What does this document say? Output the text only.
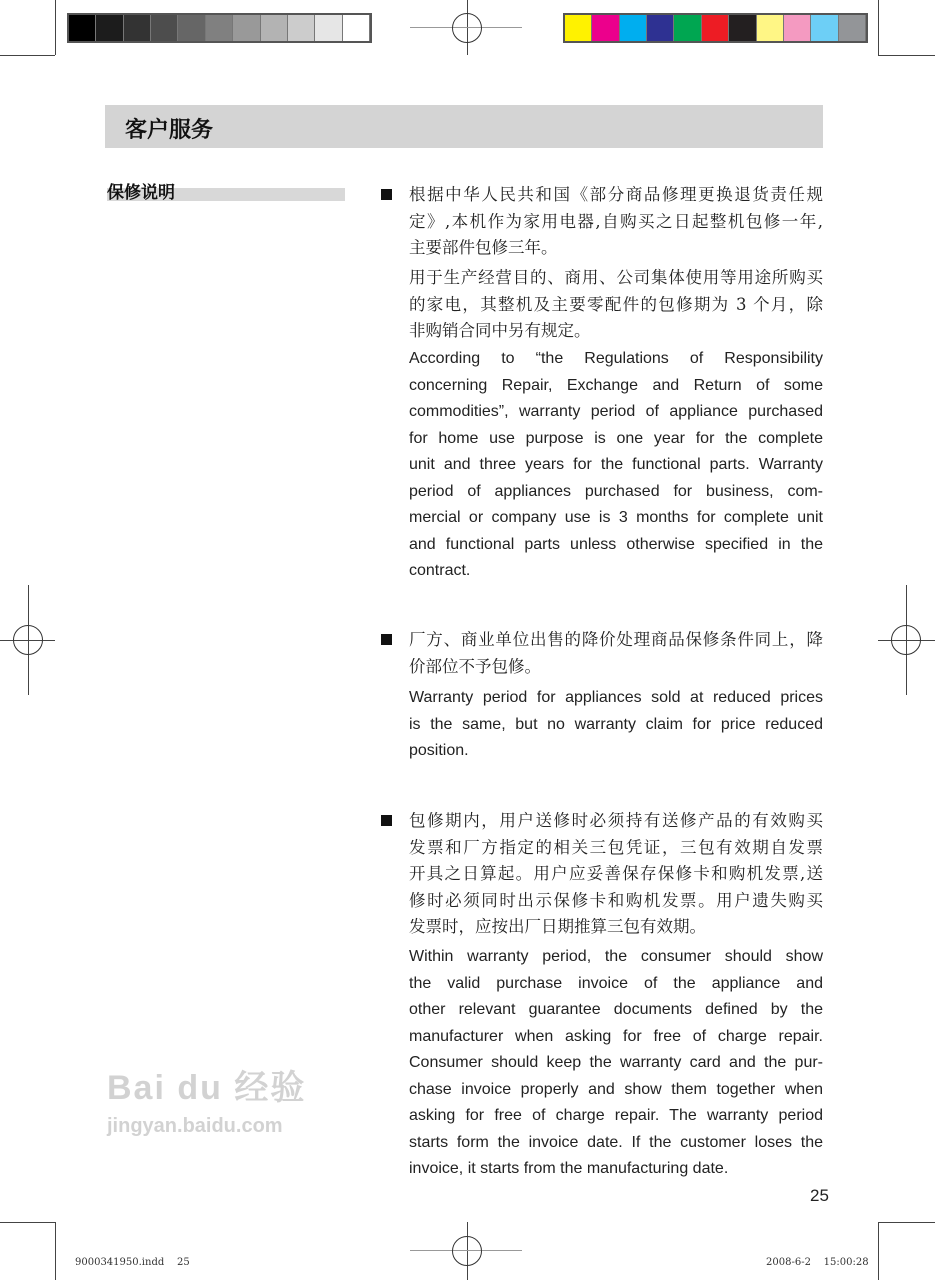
客户服务
保修说明	根据中华人民共和国《部分商品修理更换退货责任规
定》,本机作为家用电器,自购买之日起整机包修一年,
主要部件包修三年。
用于生产经营目的、商用、公司集体使用等用途所购买
的家电，其整机及主要零配件的包修期为 3 个月，除
非购销合同中另有规定。
According to “the Regulations of Responsibility
concerning Repair, Exchange and Return of some
commodities”, warranty period of appliance purchased
for home use purpose is one year for the complete
unit and three years for the functional parts. Warranty
period of appliances purchased for business, com-
mercial or company use is 3 months for complete unit
and functional parts unless otherwise specified in the
contract.
厂方、商业单位出售的降价处理商品保修条件同上，降
价部位不予包修。
Warranty period for appliances sold at reduced prices
is the same, but no warranty claim for price reduced
position.
包修期内，用户送修时必须持有送修产品的有效购买
发票和厂方指定的相关三包凭证，三包有效期自发票
开具之日算起。用户应妥善保存保修卡和购机发票,送
修时必须同时出示保修卡和购机发票。用户遗失购买
发票时，应按出厂日期推算三包有效期。
Within warranty period, the consumer should show
the valid purchase invoice of the appliance and
other relevant guarantee documents defined by the
manufacturer when asking for free of charge repair.
Consumer should keep the warranty card and the pur-
chase invoice properly and show them together when
asking for free of charge repair. The warranty period
starts form the invoice date. If the customer loses the
invoice, it starts from the manufacturing date.
25
Bai du 经验
jingyan.baidu.com
9000341950.indd 25	2008-6-2 15:00:28
